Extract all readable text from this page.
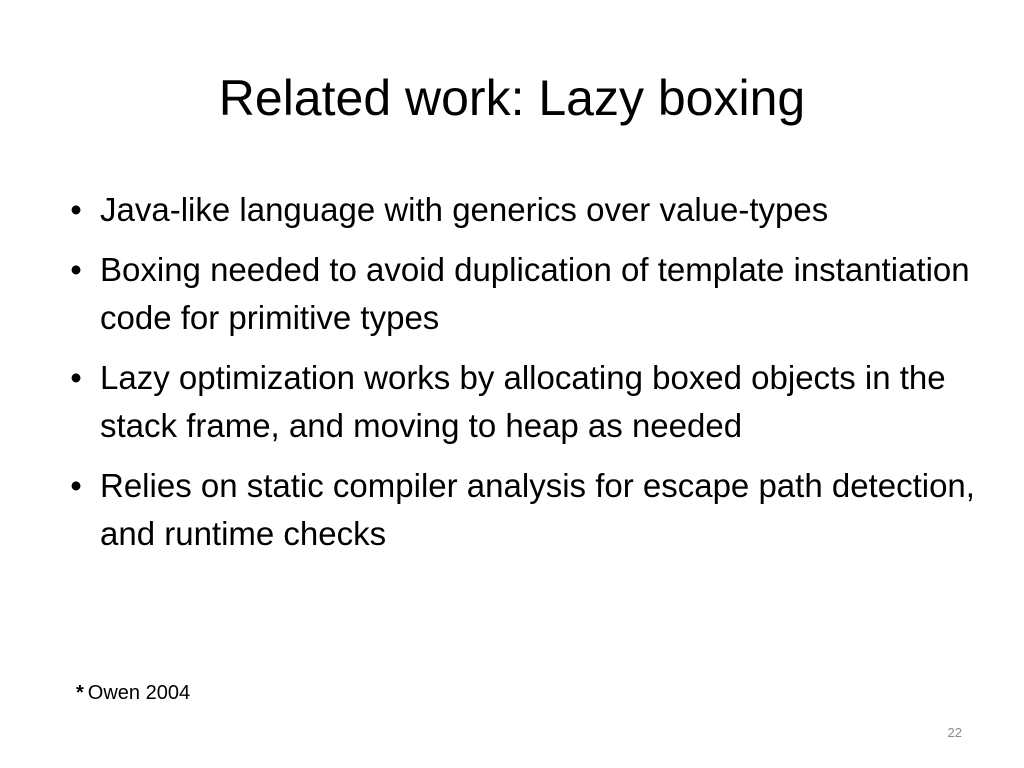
Related work: Lazy boxing
• Java-like language with generics over value-types
• Boxing needed to avoid duplication of template instantiation code for primitive types
• Lazy optimization works by allocating boxed objects in the stack frame, and moving to heap as needed
• Relies on static compiler analysis for escape path detection, and runtime checks
* Owen 2004
22
